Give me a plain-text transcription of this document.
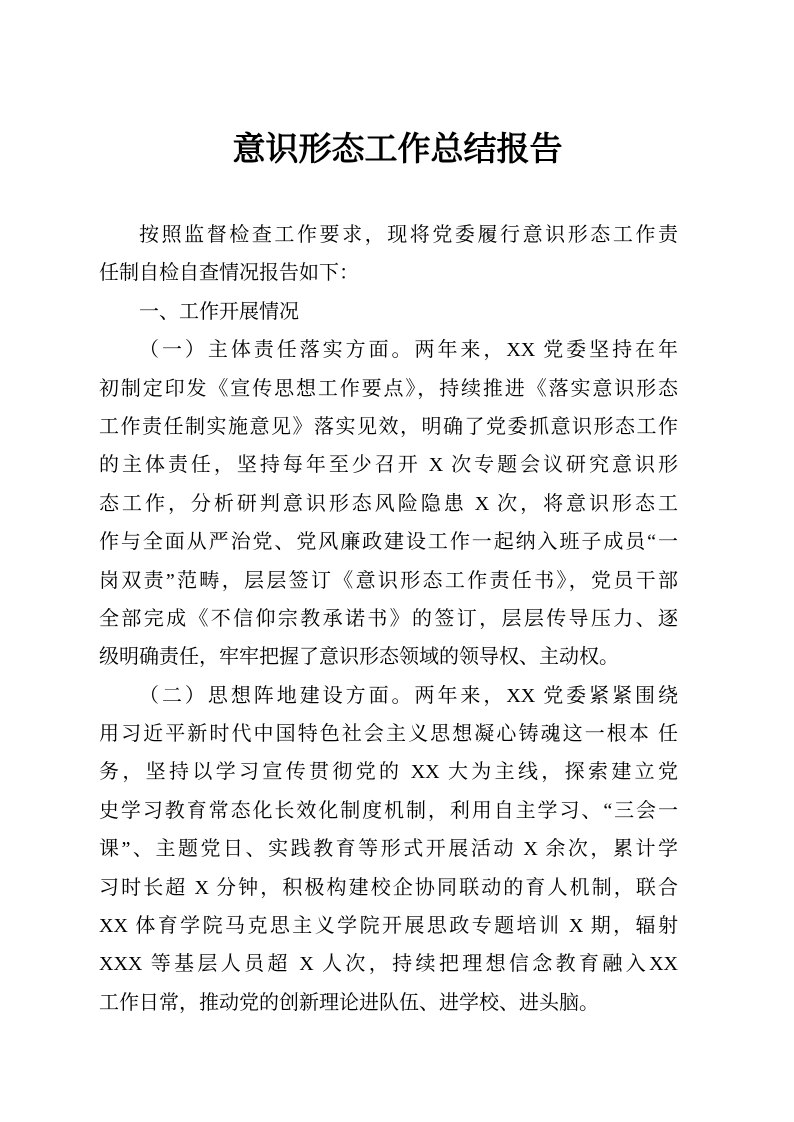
意识形态工作总结报告
按照监督检查工作要求，现将党委履行意识形态工作责
任制自检自查情况报告如下：
一、工作开展情况
（一）主体责任落实方面。两年来，XX 党委坚持在年
初制定印发《宣传思想工作要点》，持续推进《落实意识形态
工作责任制实施意见》落实见效，明确了党委抓意识形态工作
的主体责任，坚持每年至少召开 X 次专题会议研究意识形
态工作，分析研判意识形态风险隐患 X 次，将意识形态工
作与全面从严治党、党风廉政建设工作一起纳入班子成员“一
岗双责”范畴，层层签订《意识形态工作责任书》，党员干部
全部完成《不信仰宗教承诺书》的签订，层层传导压力、逐
级明确责任，牢牢把握了意识形态领域的领导权、主动权。
（二）思想阵地建设方面。两年来，XX 党委紧紧围绕
用习近平新时代中国特色社会主义思想凝心铸魂这一根本 任
务，坚持以学习宣传贯彻党的 XX 大为主线，探索建立党
史学习教育常态化长效化制度机制，利用自主学习、“三会一
课”、主题党日、实践教育等形式开展活动 X 余次，累计学
习时长超 X 分钟，积极构建校企协同联动的育人机制，联合
XX 体育学院马克思主义学院开展思政专题培训 X 期，辐射
XXX 等基层人员超 X 人次，持续把理想信念教育融入XX
工作日常，推动党的创新理论进队伍、进学校、进头脑。
